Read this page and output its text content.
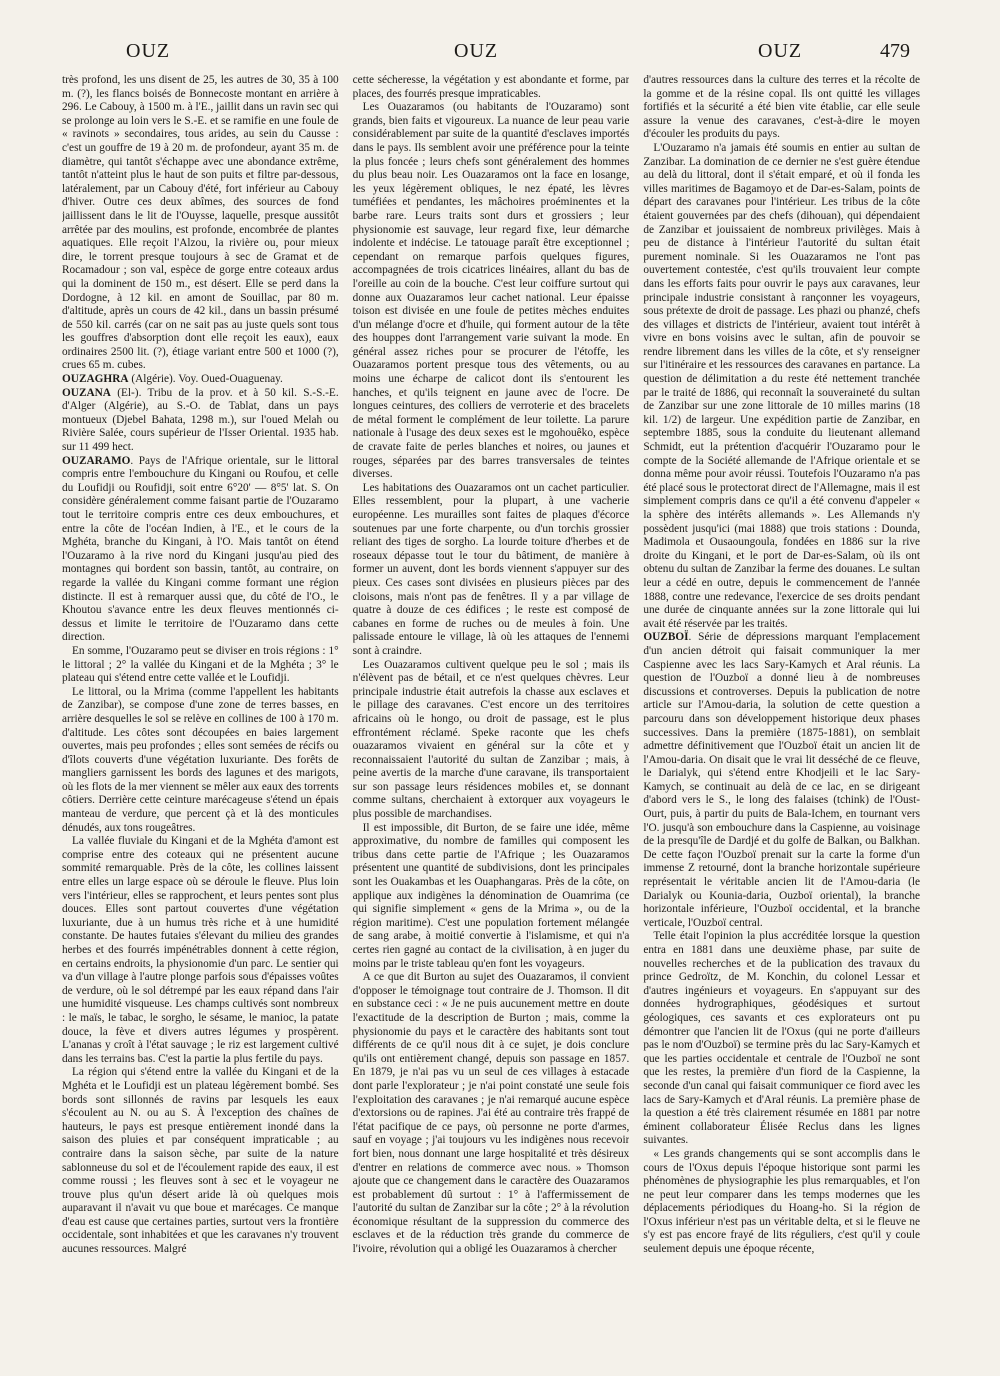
OUZ	OUZ	OUZ	479

très profond, les uns disent de 25, les autres de 30, 35 à 100 m. (?), les flancs boisés de Bonnecoste montant en arrière à 296. Le Cabouy, à 1500 m. à l'E., jaillit dans un ravin sec qui se prolonge au loin vers le S.-E. et se ramifie en une foule de « ravinots » secondaires, tous arides, au sein du Causse : c'est un gouffre de 19 à 20 m. de profondeur, ayant 35 m. de diamètre, qui tantôt s'échappe avec une abondance extrême, tantôt n'atteint plus le haut de son puits et filtre par-dessous, latéralement, par un Cabouy d'été, fort inférieur au Cabouy d'hiver. Outre ces deux abîmes, des sources de fond jaillissent dans le lit de l'Ouysse, laquelle, presque aussitôt arrêtée par des moulins, est profonde, encombrée de plantes aquatiques. Elle reçoit l'Alzou, la rivière ou, pour mieux dire, le torrent presque toujours à sec de Gramat et de Rocamadour ; son val, espèce de gorge entre coteaux ardus qui la dominent de 150 m., est désert. Elle se perd dans la Dordogne, à 12 kil. en amont de Souillac, par 80 m. d'altitude, après un cours de 42 kil., dans un bassin présumé de 550 kil. carrés (car on ne sait pas au juste quels sont tous les gouffres d'absorption dont elle reçoit les eaux), eaux ordinaires 2500 lit. (?), étiage variant entre 500 et 1000 (?), crues 65 m. cubes.

OUZAGHRA (Algérie). Voy. Oued-Ouaguenay.

OUZANA (El-). Tribu de la prov. et à 50 kil. S.-S.-E. d'Alger (Algérie), au S.-O. de Tablat, dans un pays montueux (Djebel Bahata, 1298 m.), sur l'oued Melah ou Rivière Salée, cours supérieur de l'Isser Oriental. 1935 hab. sur 11 499 hect.

OUZARAMO. Pays de l'Afrique orientale, sur le littoral compris entre l'embouchure du Kingani ou Roufou, et celle du Loufidji ou Roufidji, soit entre 6°20' — 8°5' lat. S. On considère généralement comme faisant partie de l'Ouzaramo tout le territoire compris entre ces deux embouchures, et entre la côte de l'océan Indien, à l'E., et le cours de la Mghéta, branche du Kingani, à l'O. Mais tantôt on étend l'Ouzaramo à la rive nord du Kingani jusqu'au pied des montagnes qui bordent son bassin, tantôt, au contraire, on regarde la vallée du Kingani comme formant une région distincte. Il est à remarquer aussi que, du côté de l'O., le Khoutou s'avance entre les deux fleuves mentionnés ci-dessus et limite le territoire de l'Ouzaramo dans cette direction.

En somme, l'Ouzaramo peut se diviser en trois régions : 1° le littoral ; 2° la vallée du Kingani et de la Mghéta ; 3° le plateau qui s'étend entre cette vallée et le Loufidji.

Le littoral, ou la Mrima (comme l'appellent les habitants de Zanzibar), se compose d'une zone de terres basses, en arrière desquelles le sol se relève en collines de 100 à 170 m. d'altitude. Les côtes sont découpées en baies largement ouvertes, mais peu profondes ; elles sont semées de récifs ou d'îlots couverts d'une végétation luxuriante. Des forêts de mangliers garnissent les bords des lagunes et des marigots, où les flots de la mer viennent se mêler aux eaux des torrents côtiers. Derrière cette ceinture marécageuse s'étend un épais manteau de verdure, que percent çà et là des monticules dénudés, aux tons rougeâtres.

La vallée fluviale du Kingani et de la Mghéta d'amont est comprise entre des coteaux qui ne présentent aucune sommité remarquable. Près de la côte, les collines laissent entre elles un large espace où se déroule le fleuve. Plus loin vers l'intérieur, elles se rapprochent, et leurs pentes sont plus douces. Elles sont partout couvertes d'une végétation luxuriante, due à un humus très riche et à une humidité constante. De hautes futaies s'élevant du milieu des grandes herbes et des fourrés impénétrables donnent à cette région, en certains endroits, la physionomie d'un parc. Le sentier qui va d'un village à l'autre plonge parfois sous d'épaisses voûtes de verdure, où le sol détrempé par les eaux répand dans l'air une humidité visqueuse. Les champs cultivés sont nombreux : le maïs, le tabac, le sorgho, le sésame, le manioc, la patate douce, la fève et divers autres légumes y prospèrent. L'ananas y croît à l'état sauvage ; le riz est largement cultivé dans les terrains bas. C'est la partie la plus fertile du pays.

La région qui s'étend entre la vallée du Kingani et de la Mghéta et le Loufidji est un plateau légèrement bombé. Ses bords sont sillonnés de ravins par lesquels les eaux s'écoulent au N. ou au S. À l'exception des chaînes de hauteurs, le pays est presque entièrement inondé dans la saison des pluies et par conséquent impraticable ; au contraire dans la saison sèche, par suite de la nature sablonneuse du sol et de l'écoulement rapide des eaux, il est comme roussi ; les fleuves sont à sec et le voyageur ne trouve plus qu'un désert aride là où quelques mois auparavant il n'avait vu que boue et marécages. Ce manque d'eau est cause que certaines parties, surtout vers la frontière occidentale, sont inhabitées et que les caravanes n'y trouvent aucunes ressources. Malgré

cette sécheresse, la végétation y est abondante et forme, par places, des fourrés presque impraticables.

Les Ouazaramos (ou habitants de l'Ouzaramo) sont grands, bien faits et vigoureux. La nuance de leur peau varie considérablement par suite de la quantité d'esclaves importés dans le pays. Ils semblent avoir une préférence pour la teinte la plus foncée ; leurs chefs sont généralement des hommes du plus beau noir. Les Ouazaramos ont la face en losange, les yeux légèrement obliques, le nez épaté, les lèvres tuméfiées et pendantes, les mâchoires proéminentes et la barbe rare. Leurs traits sont durs et grossiers ; leur physionomie est sauvage, leur regard fixe, leur démarche indolente et indécise. Le tatouage paraît être exceptionnel ; cependant on remarque parfois quelques figures, accompagnées de trois cicatrices linéaires, allant du bas de l'oreille au coin de la bouche. C'est leur coiffure surtout qui donne aux Ouazaramos leur cachet national. Leur épaisse toison est divisée en une foule de petites mèches enduites d'un mélange d'ocre et d'huile, qui forment autour de la tête des houppes dont l'arrangement varie suivant la mode. En général assez riches pour se procurer de l'étoffe, les Ouazaramos portent presque tous des vêtements, ou au moins une écharpe de calicot dont ils s'entourent les hanches, et qu'ils teignent en jaune avec de l'ocre. De longues ceintures, des colliers de verroterie et des bracelets de métal forment le complément de leur toilette. La parure nationale à l'usage des deux sexes est le mgohouêko, espèce de cravate faite de perles blanches et noires, ou jaunes et rouges, séparées par des barres transversales de teintes diverses.

Les habitations des Ouazaramos ont un cachet particulier. Elles ressemblent, pour la plupart, à une vacherie européenne. Les murailles sont faites de plaques d'écorce soutenues par une forte charpente, ou d'un torchis grossier reliant des tiges de sorgho. La lourde toiture d'herbes et de roseaux dépasse tout le tour du bâtiment, de manière à former un auvent, dont les bords viennent s'appuyer sur des pieux. Ces cases sont divisées en plusieurs pièces par des cloisons, mais n'ont pas de fenêtres. Il y a par village de quatre à douze de ces édifices ; le reste est composé de cabanes en forme de ruches ou de meules à foin. Une palissade entoure le village, là où les attaques de l'ennemi sont à craindre.

Les Ouazaramos cultivent quelque peu le sol ; mais ils n'élèvent pas de bétail, et ce n'est quelques chèvres. Leur principale industrie était autrefois la chasse aux esclaves et le pillage des caravanes. C'est encore un des territoires africains où le hongo, ou droit de passage, est le plus effrontément réclamé. Speke raconte que les chefs ouazaramos vivaient en général sur la côte et y reconnaissaient l'autorité du sultan de Zanzibar ; mais, à peine avertis de la marche d'une caravane, ils transportaient sur son passage leurs résidences mobiles et, se donnant comme sultans, cherchaient à extorquer aux voyageurs le plus possible de marchandises.

Il est impossible, dit Burton, de se faire une idée, même approximative, du nombre de familles qui composent les tribus dans cette partie de l'Afrique ; les Ouazaramos présentent une quantité de subdivisions, dont les principales sont les Ouakambas et les Ouaphangaras. Près de la côte, on applique aux indigènes la dénomination de Ouamrima (ce qui signifie simplement « gens de la Mrima », ou de la région maritime). C'est une population fortement mélangée de sang arabe, à moitié convertie à l'islamisme, et qui n'a certes rien gagné au contact de la civilisation, à en juger du moins par le triste tableau qu'en font les voyageurs.

A ce que dit Burton au sujet des Ouazaramos, il convient d'opposer le témoignage tout contraire de J. Thomson. Il dit en substance ceci : « Je ne puis aucunement mettre en doute l'exactitude de la description de Burton ; mais, comme la physionomie du pays et le caractère des habitants sont tout différents de ce qu'il nous dit à ce sujet, je dois conclure qu'ils ont entièrement changé, depuis son passage en 1857. En 1879, je n'ai pas vu un seul de ces villages à estacade dont parle l'explorateur ; je n'ai point constaté une seule fois l'exploitation des caravanes ; je n'ai remarqué aucune espèce d'extorsions ou de rapines. J'ai été au contraire très frappé de l'état pacifique de ce pays, où personne ne porte d'armes, sauf en voyage ; j'ai toujours vu les indigènes nous recevoir fort bien, nous donnant une large hospitalité et très désireux d'entrer en relations de commerce avec nous. » Thomson ajoute que ce changement dans le caractère des Ouazaramos est probablement dû surtout : 1° à l'affermissement de l'autorité du sultan de Zanzibar sur la côte ; 2° à la révolution économique résultant de la suppression du commerce des esclaves et de la réduction très grande du commerce de l'ivoire, révolution qui a obligé les Ouazaramos à chercher

d'autres ressources dans la culture des terres et la récolte de la gomme et de la résine copal. Ils ont quitté les villages fortifiés et la sécurité a été bien vite établie, car elle seule assure la venue des caravanes, c'est-à-dire le moyen d'écouler les produits du pays.

L'Ouzaramo n'a jamais été soumis en entier au sultan de Zanzibar. La domination de ce dernier ne s'est guère étendue au delà du littoral, dont il s'était emparé, et où il fonda les villes maritimes de Bagamoyo et de Dar-es-Salam, points de départ des caravanes pour l'intérieur. Les tribus de la côte étaient gouvernées par des chefs (dihouan), qui dépendaient de Zanzibar et jouissaient de nombreux privilèges. Mais à peu de distance à l'intérieur l'autorité du sultan était purement nominale. Si les Ouazaramos ne l'ont pas ouvertement contestée, c'est qu'ils trouvaient leur compte dans les efforts faits pour ouvrir le pays aux caravanes, leur principale industrie consistant à rançonner les voyageurs, sous prétexte de droit de passage. Les phazi ou phanzé, chefs des villages et districts de l'intérieur, avaient tout intérêt à vivre en bons voisins avec le sultan, afin de pouvoir se rendre librement dans les villes de la côte, et s'y renseigner sur l'itinéraire et les ressources des caravanes en partance. La question de délimitation a du reste été nettement tranchée par le traité de 1886, qui reconnaît la souveraineté du sultan de Zanzibar sur une zone littorale de 10 milles marins (18 kil. 1/2) de largeur. Une expédition partie de Zanzibar, en septembre 1885, sous la conduite du lieutenant allemand Schmidt, eut la prétention d'acquérir l'Ouzaramo pour le compte de la Société allemande de l'Afrique orientale et se donna même pour avoir réussi. Toutefois l'Ouzaramo n'a pas été placé sous le protectorat direct de l'Allemagne, mais il est simplement compris dans ce qu'il a été convenu d'appeler « la sphère des intérêts allemands ». Les Allemands n'y possèdent jusqu'ici (mai 1888) que trois stations : Dounda, Madimola et Ousaoungoula, fondées en 1886 sur la rive droite du Kingani, et le port de Dar-es-Salam, où ils ont obtenu du sultan de Zanzibar la ferme des douanes. Le sultan leur a cédé en outre, depuis le commencement de l'année 1888, contre une redevance, l'exercice de ses droits pendant une durée de cinquante années sur la zone littorale qui lui avait été réservée par les traités.

OUZBOÏ. Série de dépressions marquant l'emplacement d'un ancien détroit qui faisait communiquer la mer Caspienne avec les lacs Sary-Kamych et Aral réunis. La question de l'Ouzboï a donné lieu à de nombreuses discussions et controverses. Depuis la publication de notre article sur l'Amou-daria, la solution de cette question a parcouru dans son développement historique deux phases successives. Dans la première (1875-1881), on semblait admettre définitivement que l'Ouzboï était un ancien lit de l'Amou-daria. On disait que le vrai lit desséché de ce fleuve, le Darialyk, qui s'étend entre Khodjeili et le lac Sary-Kamych, se continuait au delà de ce lac, en se dirigeant d'abord vers le S., le long des falaises (tchink) de l'Oust-Ourt, puis, à partir du puits de Bala-Ichem, en tournant vers l'O. jusqu'à son embouchure dans la Caspienne, au voisinage de la presqu'île de Dardjé et du golfe de Balkan, ou Balkhan. De cette façon l'Ouzboï prenait sur la carte la forme d'un immense Z retourné, dont la branche horizontale supérieure représentait le véritable ancien lit de l'Amou-daria (le Darialyk ou Kounia-daria, Ouzboï oriental), la branche horizontale inférieure, l'Ouzboï occidental, et la branche verticale, l'Ouzboï central.

Telle était l'opinion la plus accréditée lorsque la question entra en 1881 dans une deuxième phase, par suite de nouvelles recherches et de la publication des travaux du prince Gedroïtz, de M. Konchin, du colonel Lessar et d'autres ingénieurs et voyageurs. En s'appuyant sur des données hydrographiques, géodésiques et surtout géologiques, ces savants et ces explorateurs ont pu démontrer que l'ancien lit de l'Oxus (qui ne porte d'ailleurs pas le nom d'Ouzboï) se termine près du lac Sary-Kamych et que les parties occidentale et centrale de l'Ouzboï ne sont que les restes, la première d'un fiord de la Caspienne, la seconde d'un canal qui faisait communiquer ce fiord avec les lacs de Sary-Kamych et d'Aral réunis. La première phase de la question a été très clairement résumée en 1881 par notre éminent collaborateur Élisée Reclus dans les lignes suivantes.

« Les grands changements qui se sont accomplis dans le cours de l'Oxus depuis l'époque historique sont parmi les phénomènes de physiographie les plus remarquables, et l'on ne peut leur comparer dans les temps modernes que les déplacements périodiques du Hoang-ho. Si la région de l'Oxus inférieur n'est pas un véritable delta, et si le fleuve ne s'y est pas encore frayé de lits réguliers, c'est qu'il y coule seulement depuis une époque récente,
